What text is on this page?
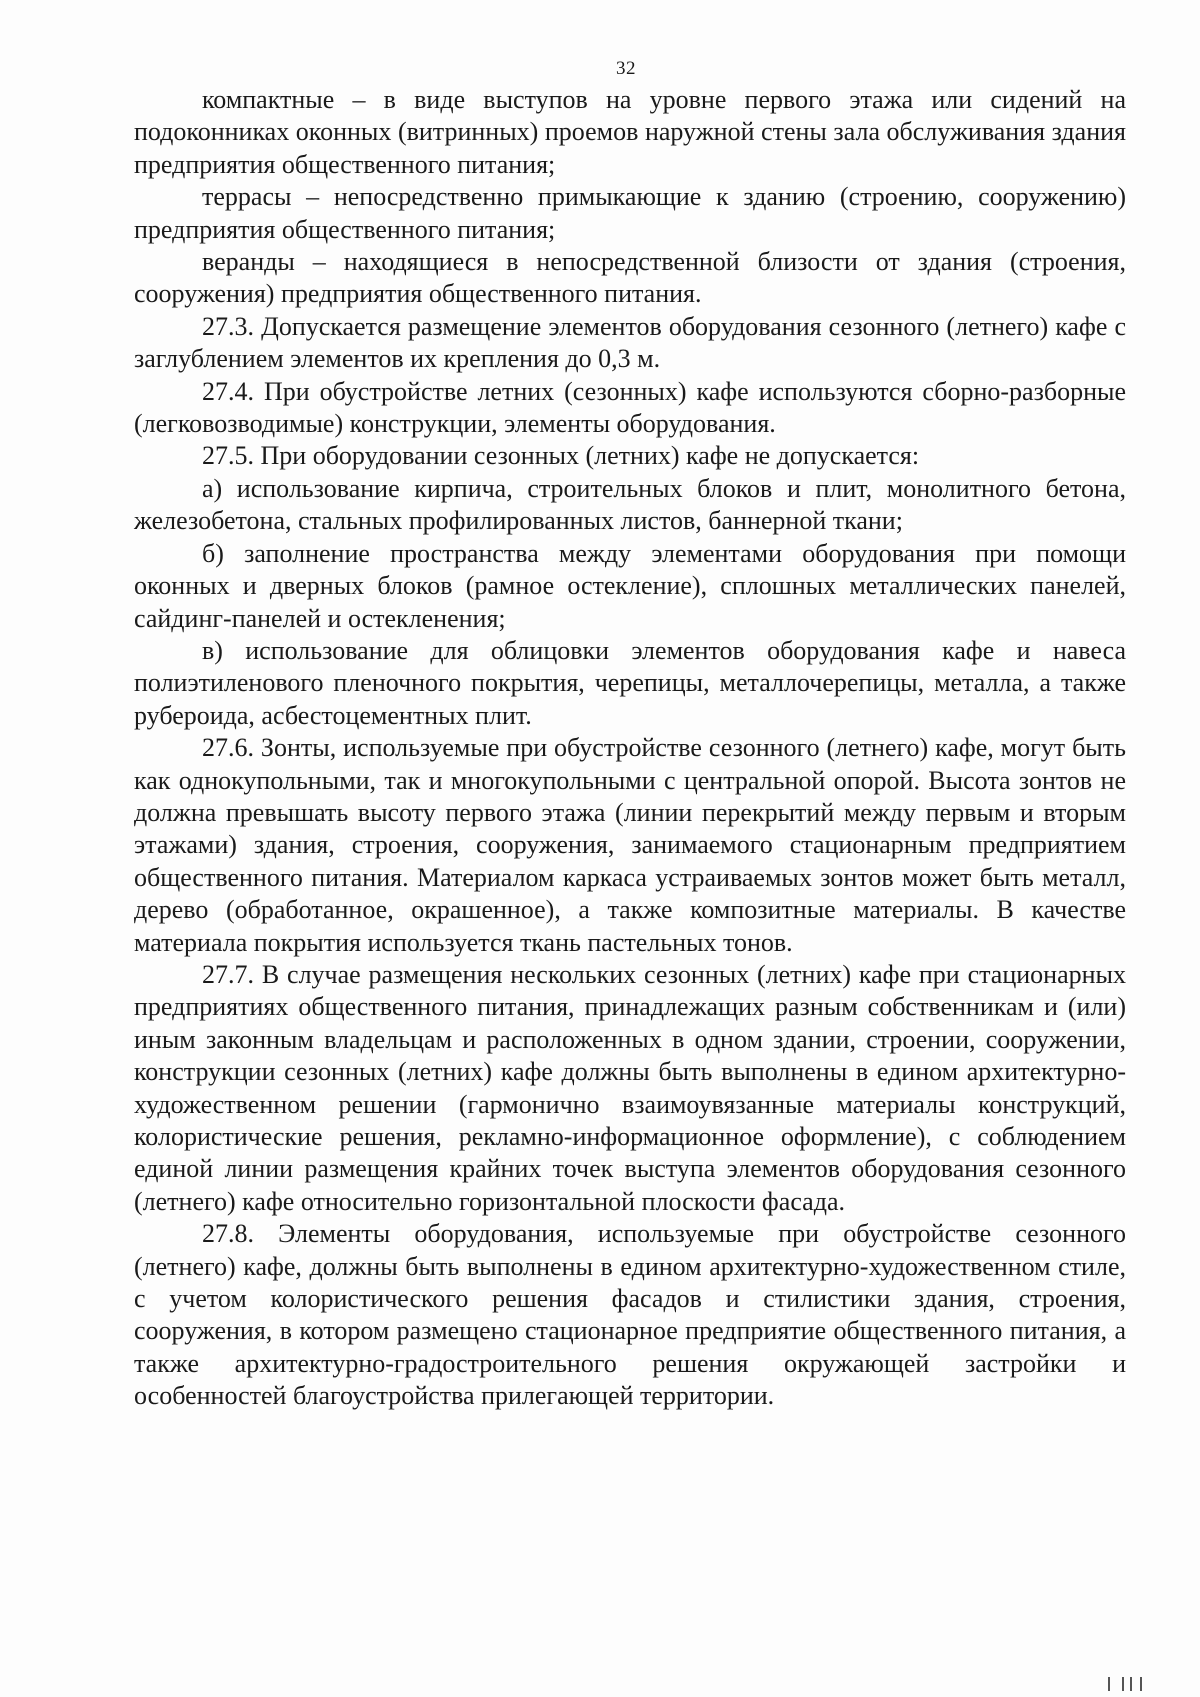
32

компактные – в виде выступов на уровне первого этажа или сидений на подоконниках оконных (витринных) проемов наружной стены зала обслуживания здания предприятия общественного питания;

террасы – непосредственно примыкающие к зданию (строению, сооружению) предприятия общественного питания;

веранды – находящиеся в непосредственной близости от здания (строения, сооружения) предприятия общественного питания.

27.3. Допускается размещение элементов оборудования сезонного (летнего) кафе с заглублением элементов их крепления до 0,3 м.

27.4. При обустройстве летних (сезонных) кафе используются сборно-разборные (легковозводимые) конструкции, элементы оборудования.

27.5. При оборудовании сезонных (летних) кафе не допускается:

а) использование кирпича, строительных блоков и плит, монолитного бетона, железобетона, стальных профилированных листов, баннерной ткани;

б) заполнение пространства между элементами оборудования при помощи оконных и дверных блоков (рамное остекление), сплошных металлических панелей, сайдинг-панелей и остекленения;

в) использование для облицовки элементов оборудования кафе и навеса полиэтиленового пленочного покрытия, черепицы, металлочерепицы, металла, а также рубероида, асбестоцементных плит.

27.6. Зонты, используемые при обустройстве сезонного (летнего) кафе, могут быть как однокупольными, так и многокупольными с центральной опорой. Высота зонтов не должна превышать высоту первого этажа (линии перекрытий между первым и вторым этажами) здания, строения, сооружения, занимаемого стационарным предприятием общественного питания. Материалом каркаса устраиваемых зонтов может быть металл, дерево (обработанное, окрашенное), а также композитные материалы. В качестве материала покрытия используется ткань пастельных тонов.

27.7. В случае размещения нескольких сезонных (летних) кафе при стационарных предприятиях общественного питания, принадлежащих разным собственникам и (или) иным законным владельцам и расположенных в одном здании, строении, сооружении, конструкции сезонных (летних) кафе должны быть выполнены в едином архитектурно-художественном решении (гармонично взаимоувязанные материалы конструкций, колористические решения, рекламно-информационное оформление), с соблюдением единой линии размещения крайних точек выступа элементов оборудования сезонного (летнего) кафе относительно горизонтальной плоскости фасада.

27.8. Элементы оборудования, используемые при обустройстве сезонного (летнего) кафе, должны быть выполнены в едином архитектурно-художественном стиле, с учетом колористического решения фасадов и стилистики здания, строения, сооружения, в котором размещено стационарное предприятие общественного питания, а также архитектурно-градостроительного решения окружающей застройки и особенностей благоустройства прилегающей территории.
